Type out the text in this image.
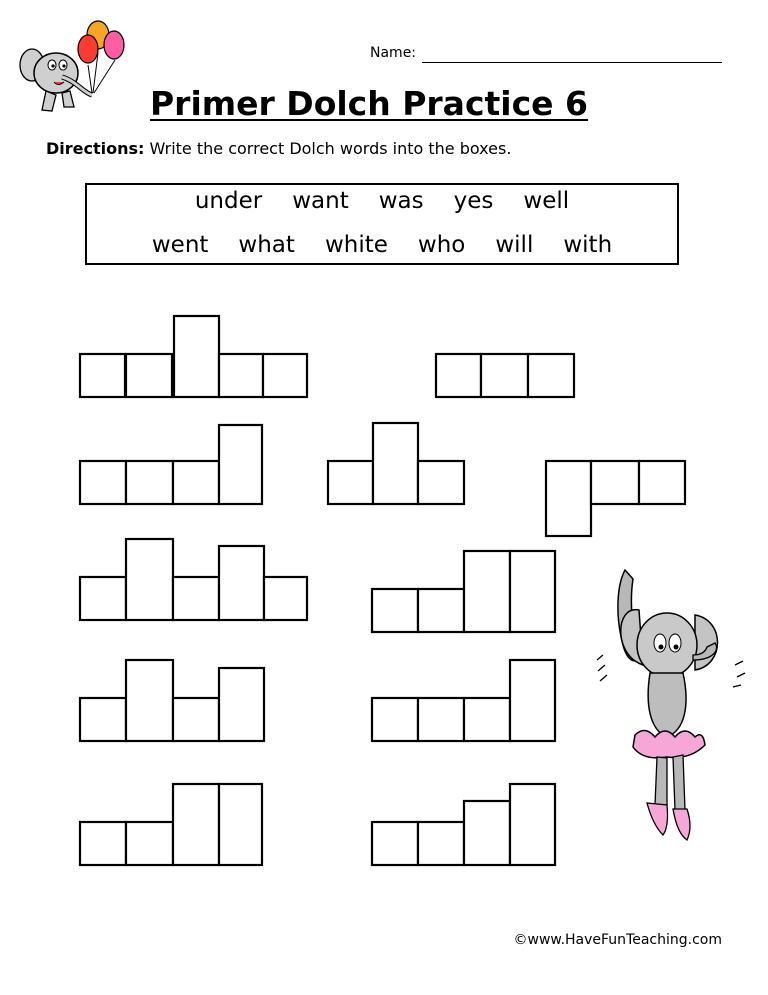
Name:
Primer Dolch Practice 6
Directions: Write the correct Dolch words into the boxes.
under want was yes well
went what white who will with
©www.HaveFunTeaching.com
